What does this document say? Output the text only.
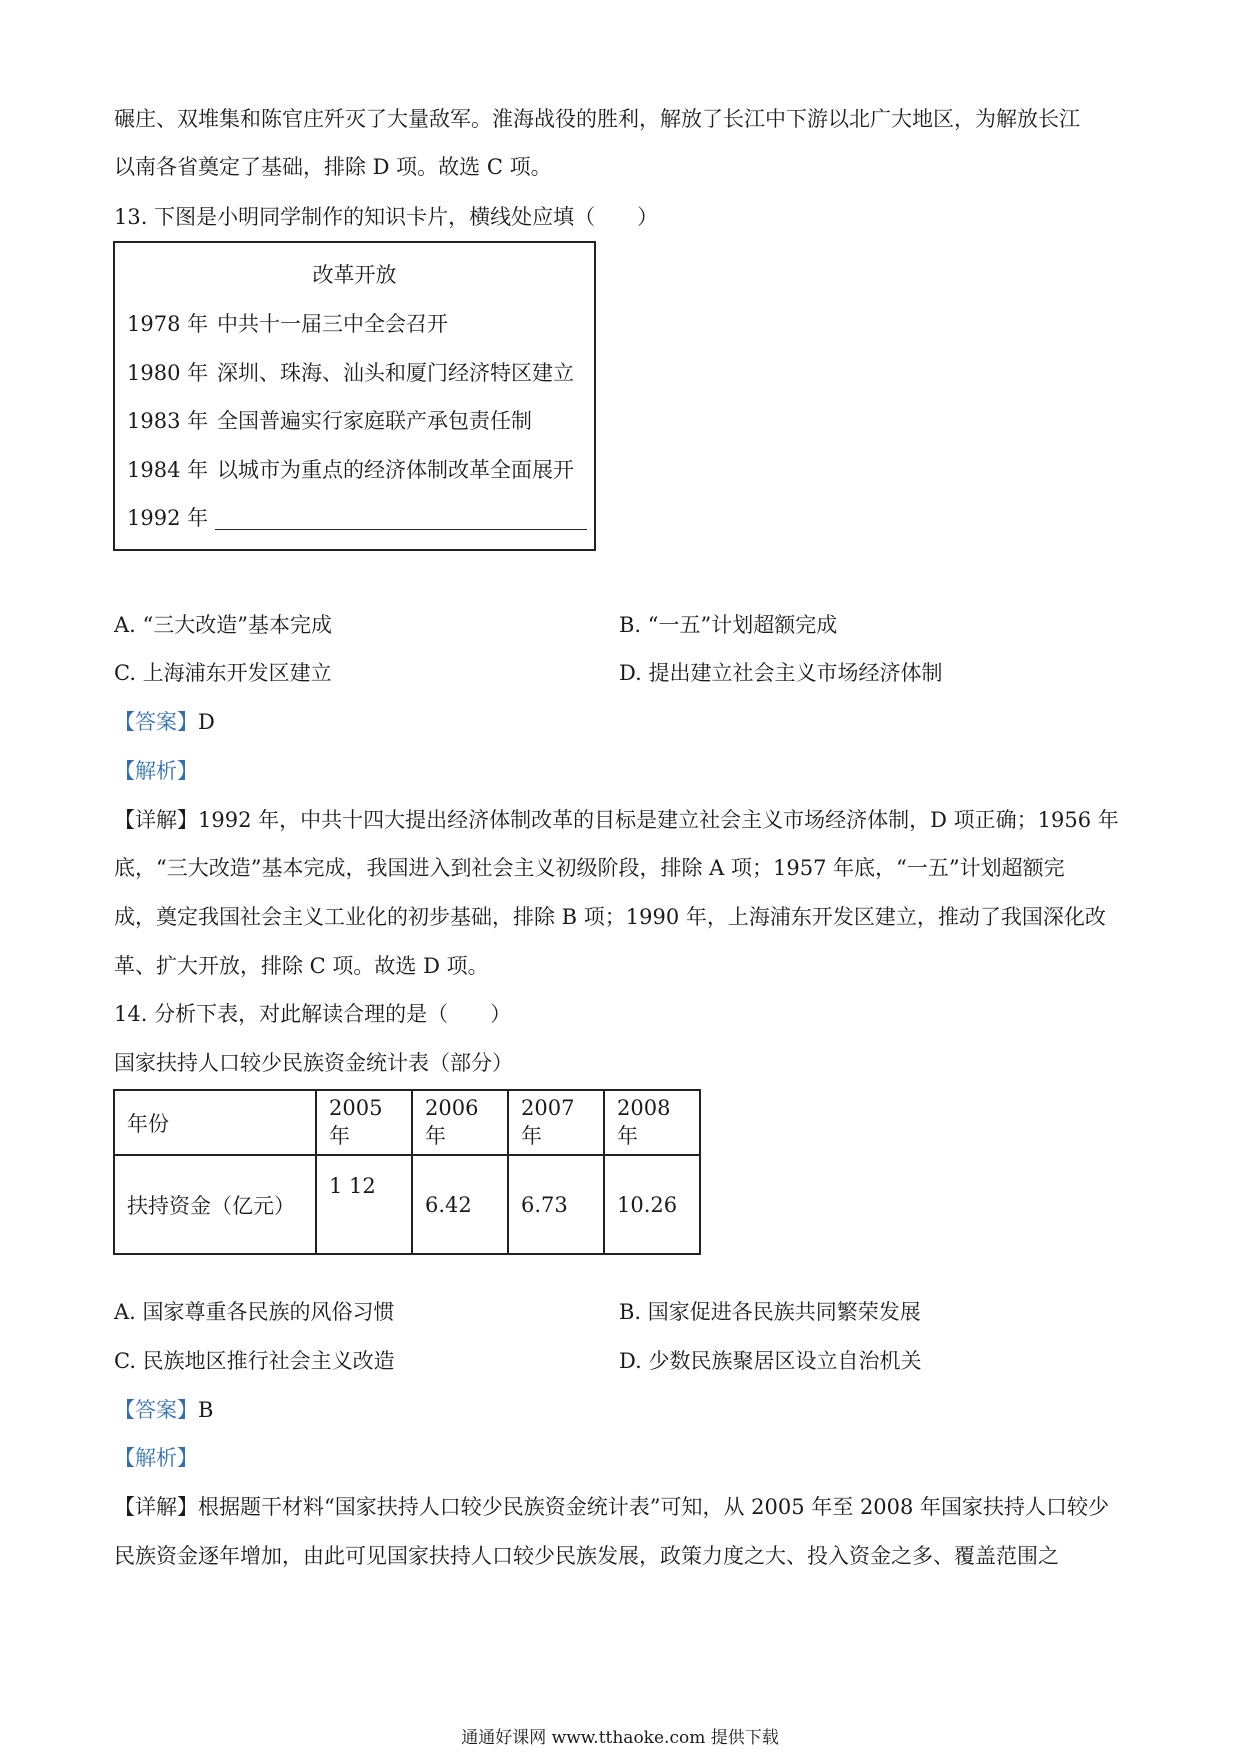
碾庄、双堆集和陈官庄歼灭了大量敌军。淮海战役的胜利，解放了长江中下游以北广大地区，为解放长江
以南各省奠定了基础，排除 D 项。故选 C 项。
13. 下图是小明同学制作的知识卡片，横线处应填（　　）
改革开放
1978 年 中共十一届三中全会召开
1980 年 深圳、珠海、汕头和厦门经济特区建立
1983 年 全国普遍实行家庭联产承包责任制
1984 年 以城市为重点的经济体制改革全面展开
1992 年
A. “三大改造”基本完成	B. “一五”计划超额完成
C. 上海浦东开发区建立	D. 提出建立社会主义市场经济体制
【答案】D
【解析】
【详解】1992 年，中共十四大提出经济体制改革的目标是建立社会主义市场经济体制，D 项正确；1956 年
底，“三大改造”基本完成，我国进入到社会主义初级阶段，排除 A 项；1957 年底，“一五”计划超额完
成，奠定我国社会主义工业化的初步基础，排除 B 项；1990 年，上海浦东开发区建立，推动了我国深化改
革、扩大开放，排除 C 项。故选 D 项。
14. 分析下表，对此解读合理的是（　　）
国家扶持人口较少民族资金统计表（部分）
年份	2005 年	2006 年	2007 年	2008 年
扶持资金（亿元）	1 12	6.42	6.73	10.26
A. 国家尊重各民族的风俗习惯	B. 国家促进各民族共同繁荣发展
C. 民族地区推行社会主义改造	D. 少数民族聚居区设立自治机关
【答案】B
【解析】
【详解】根据题干材料“国家扶持人口较少民族资金统计表”可知，从 2005 年至 2008 年国家扶持人口较少
民族资金逐年增加，由此可见国家扶持人口较少民族发展，政策力度之大、投入资金之多、覆盖范围之
通通好课网 www.tthaoke.com 提供下载
